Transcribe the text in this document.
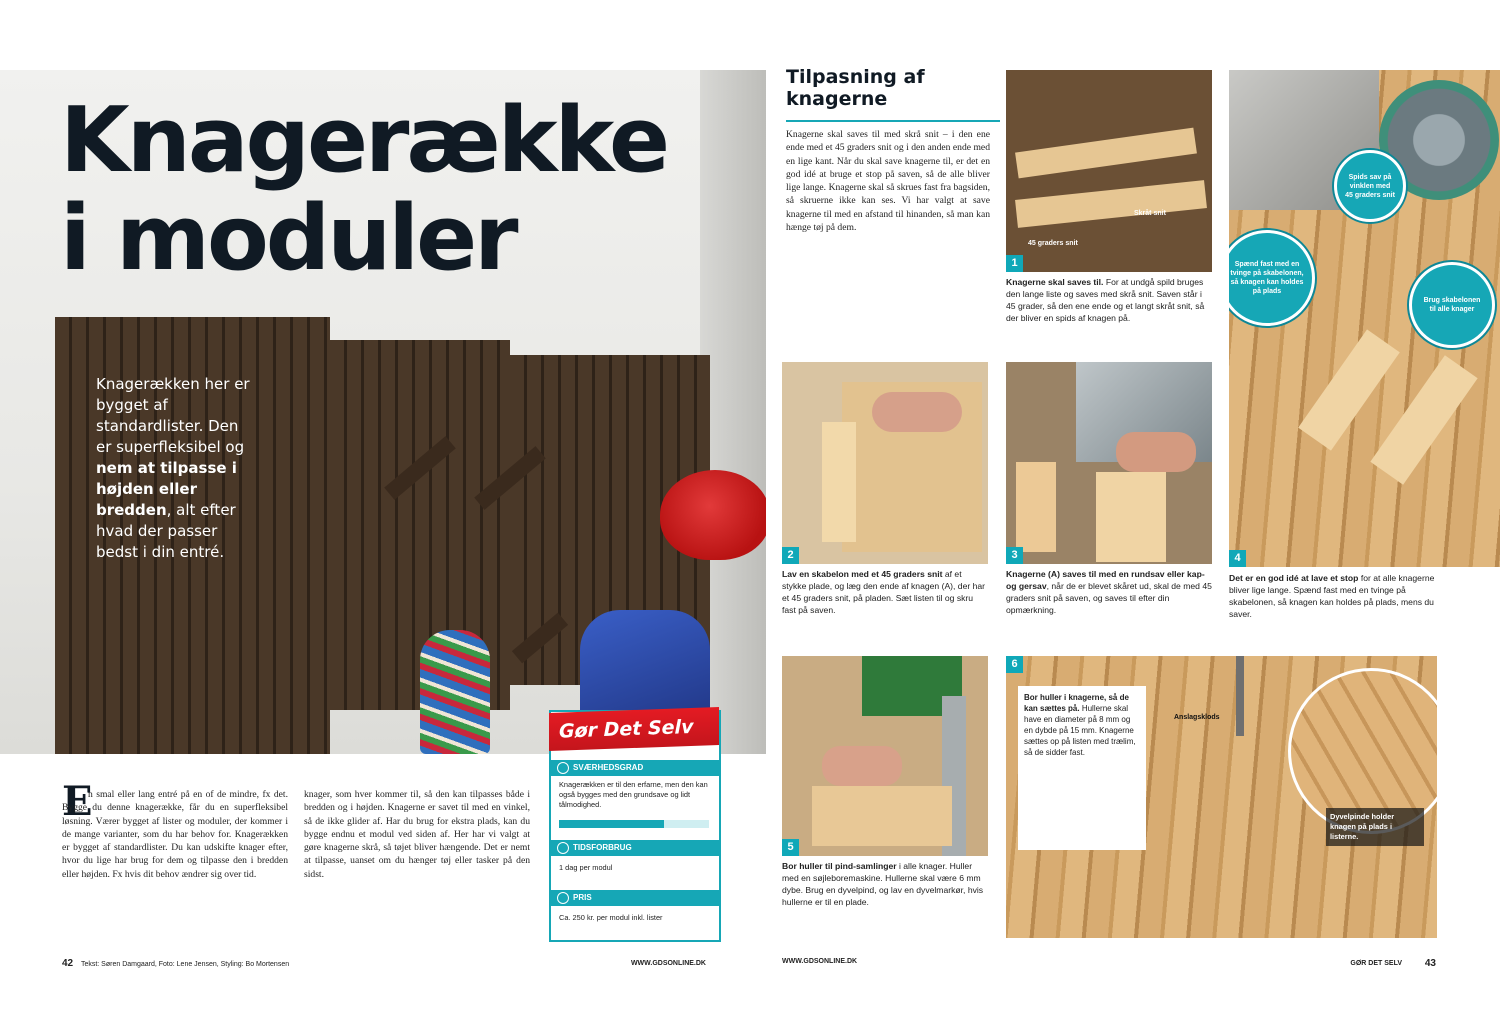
Knagerække
i moduler
Knagerækken her er bygget af standardlister. Den er superfleksibel og nem at tilpasse i højden eller bredden, alt efter hvad der passer bedst i din entré.
Gør Det Selv
SVÆRHEDSGRAD
Knagerækken er til den erfarne, men den kan også bygges med den grundsave og lidt tålmodighed.
TIDSFORBRUG
1 dag per modul
PRIS
Ca. 250 kr. per modul inkl. lister
E
n smal eller lang entré på en of de mindre, fx det. Bygge du denne knagerække, får du en superfleksibel løsning. Værer bygget af lister og moduler, der kommer i de mange varianter, som du har behov for. Knagerækken er bygget af standardlister. Du kan udskifte knager efter, hvor du lige har brug for dem og tilpasse den i bredden eller højden. Fx hvis dit behov ændrer sig over tid.
knager, som hver kommer til, så den kan tilpasses både i bredden og i højden. Knagerne er savet til med en vinkel, så de ikke glider af. Har du brug for ekstra plads, kan du bygge endnu et modul ved siden af. Her har vi valgt at gøre knagerne skrå, så tøjet bliver hængende. Det er nemt at tilpasse, uanset om du hænger tøj eller tasker på den sidst.
42 Tekst: Søren Damgaard, Foto: Lene Jensen, Styling: Bo Mortensen	WWW.GDSONLINE.DK
Tilpasning af knagerne
Knagerne skal saves til med skrå snit – i den ene ende med et 45 graders snit og i den anden ende med en lige kant. Når du skal save knagerne til, er det en god idé at bruge et stop på saven, så de alle bliver lige lange. Knagerne skal så skrues fast fra bagsiden, så skruerne ikke kan ses. Vi har valgt at save knagerne til med en afstand til hinanden, så man kan hænge tøj på dem.
Skråt snit
45 graders snit
1
Knagerne skal saves til. For at undgå spild bruges den lange liste og saves med skrå snit. Saven står i 45 grader, så den ene ende og et langt skråt snit, så der bliver en spids af knagen på.
Spids sav på vinklen med 45 graders snit
Spænd fast med en tvinge på skabelonen, så knagen kan holdes på plads
Brug skabelonen til alle knager
4
Det er en god idé at lave et stop for at alle knagerne bliver lige lange. Spænd fast med en tvinge på skabelonen, så knagen kan holdes på plads, mens du saver.
2
Lav en skabelon med et 45 graders snit af et stykke plade, og læg den ende af knagen (A), der har et 45 graders snit, på pladen. Sæt listen til og skru fast på saven.
3
Knagerne (A) saves til med en rundsav eller kap- og gersav, når de er blevet skåret ud, skal de med 45 graders snit på saven, og saves til efter din opmærkning.
5
Bor huller til pind-samlinger i alle knager. Huller med en søjleboremaskine. Hullerne skal være 6 mm dybe. Brug en dyvelpind, og lav en dyvelmarkør, hvis hullerne er til en plade.
Bor huller i knagerne, så de kan sættes på. Hullerne skal have en diameter på 8 mm og en dybde på 15 mm. Knagerne sættes op på listen med trælim, så de sidder fast.
Anslagsklods
Dyvelpinde holder knagen på plads i listerne.
6
WWW.GDSONLINE.DK	GØR DET SELV 43
